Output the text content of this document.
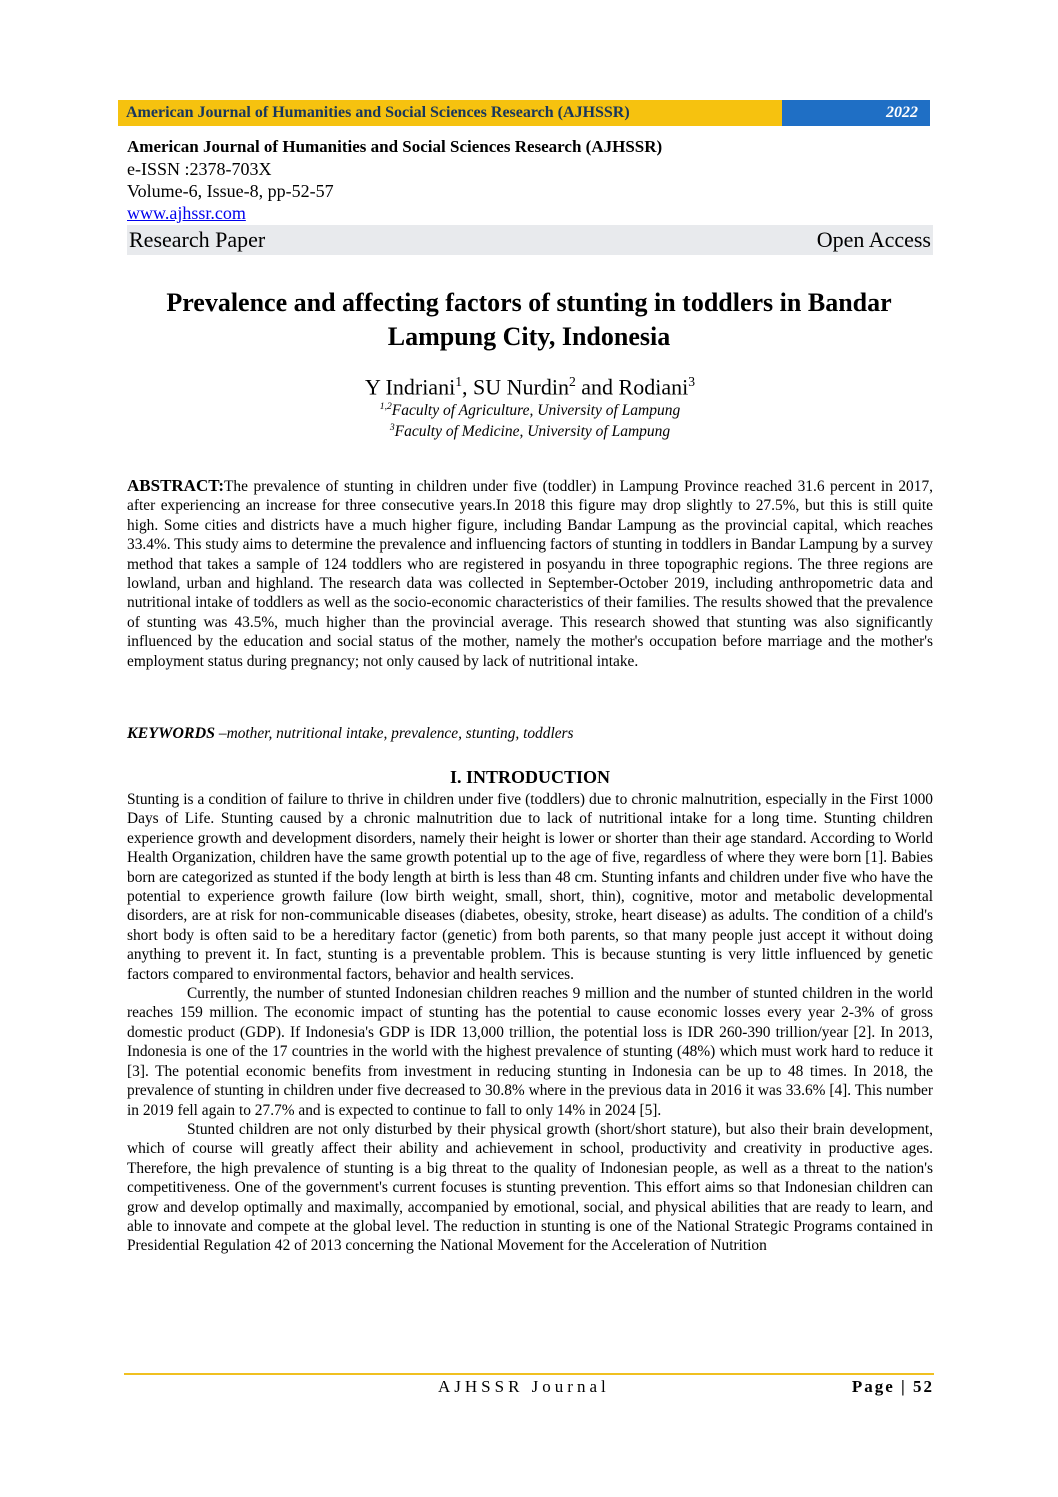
American Journal of Humanities and Social Sciences Research (AJHSSR)	2022
American Journal of Humanities and Social Sciences Research (AJHSSR)
e-ISSN :2378-703X
Volume-6, Issue-8, pp-52-57
www.ajhssr.com
Research Paper	Open Access
Prevalence and affecting factors of stunting in toddlers in Bandar Lampung City, Indonesia
Y Indriani$^1$, SU Nurdin$^2$ and Rodiani$^3$
$^{1,2}$Faculty of Agriculture, University of Lampung
$^3$Faculty of Medicine, University of Lampung

ABSTRACT:The prevalence of stunting in children under five (toddler) in Lampung Province reached 31.6 percent in 2017, after experiencing an increase for three consecutive years.In 2018 this figure may drop slightly to 27.5%, but this is still quite high. Some cities and districts have a much higher figure, including Bandar Lampung as the provincial capital, which reaches 33.4%. This study aims to determine the prevalence and influencing factors of stunting in toddlers in Bandar Lampung by a survey method that takes a sample of 124 toddlers who are registered in posyandu in three topographic regions. The three regions are lowland, urban and highland. The research data was collected in September-October 2019, including anthropometric data and nutritional intake of toddlers as well as the socio-economic characteristics of their families. The results showed that the prevalence of stunting was 43.5%, much higher than the provincial average. This research showed that stunting was also significantly influenced by the education and social status of the mother, namely the mother's occupation before marriage and the mother's employment status during pregnancy; not only caused by lack of nutritional intake.

KEYWORDS –mother, nutritional intake, prevalence, stunting, toddlers
I. INTRODUCTION

Stunting is a condition of failure to thrive in children under five (toddlers) due to chronic malnutrition, especially in the First 1000 Days of Life. Stunting caused by a chronic malnutrition due to lack of nutritional intake for a long time. Stunting children experience growth and development disorders, namely their height is lower or shorter than their age standard. According to World Health Organization, children have the same growth potential up to the age of five, regardless of where they were born [1]. Babies born are categorized as stunted if the body length at birth is less than 48 cm. Stunting infants and children under five who have the potential to experience growth failure (low birth weight, small, short, thin), cognitive, motor and metabolic developmental disorders, are at risk for non-communicable diseases (diabetes, obesity, stroke, heart disease) as adults. The condition of a child's short body is often said to be a hereditary factor (genetic) from both parents, so that many people just accept it without doing anything to prevent it. In fact, stunting is a preventable problem. This is because stunting is very little influenced by genetic factors compared to environmental factors, behavior and health services.

Currently, the number of stunted Indonesian children reaches 9 million and the number of stunted children in the world reaches 159 million. The economic impact of stunting has the potential to cause economic losses every year 2-3% of gross domestic product (GDP). If Indonesia's GDP is IDR 13,000 trillion, the potential loss is IDR 260-390 trillion/year [2]. In 2013, Indonesia is one of the 17 countries in the world with the highest prevalence of stunting (48%) which must work hard to reduce it [3]. The potential economic benefits from investment in reducing stunting in Indonesia can be up to 48 times. In 2018, the prevalence of stunting in children under five decreased to 30.8% where in the previous data in 2016 it was 33.6% [4]. This number in 2019 fell again to 27.7% and is expected to continue to fall to only 14% in 2024 [5].

Stunted children are not only disturbed by their physical growth (short/short stature), but also their brain development, which of course will greatly affect their ability and achievement in school, productivity and creativity in productive ages. Therefore, the high prevalence of stunting is a big threat to the quality of Indonesian people, as well as a threat to the nation's competitiveness. One of the government's current focuses is stunting prevention. This effort aims so that Indonesian children can grow and develop optimally and maximally, accompanied by emotional, social, and physical abilities that are ready to learn, and able to innovate and compete at the global level. The reduction in stunting is one of the National Strategic Programs contained in Presidential Regulation 42 of 2013 concerning the National Movement for the Acceleration of Nutrition

AJHSSR Journal	Page | 52
